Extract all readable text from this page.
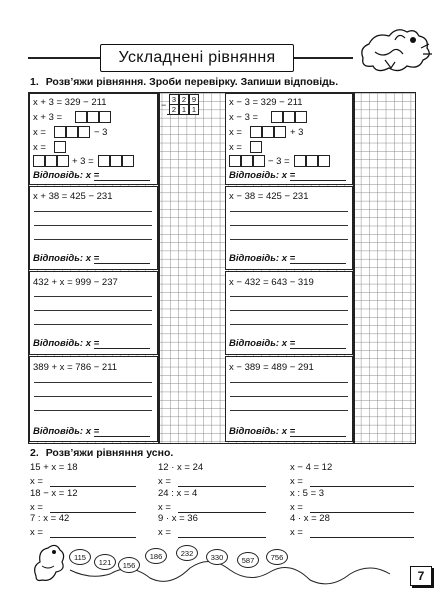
Ускладнені рівняння
1. Розв’яжи рівняння. Зроби перевірку. Запиши відповідь.
−
3 2 9
2 1 1
x + 3 = 329 − 211
x + 3 =
x =	− 3
x =
+ 3 =
Відповідь: x =
x + 38 = 425 − 231
Відповідь: x =
432 + x = 999 − 237
Відповідь: x =
389 + x = 786 − 211
Відповідь: x =
x − 3 = 329 − 211
x − 3 =
x =	+ 3
x =
− 3 =
Відповідь: x =
x − 38 = 425 − 231
Відповідь: x =
x − 432 = 643 − 319
Відповідь: x =
x − 389 = 489 − 291
Відповідь: x =
2. Розв’яжи рівняння усно.
15 + x = 18
x =
18 − x = 12
x =
7 : x = 42
x =
12 · x = 24
x =
24 : x = 4
x =
9 · x = 36
x =
x − 4 = 12
x =
x : 5 = 3
x =
4 · x = 28
x =
115
121	156
186	232	330	587	756
7
